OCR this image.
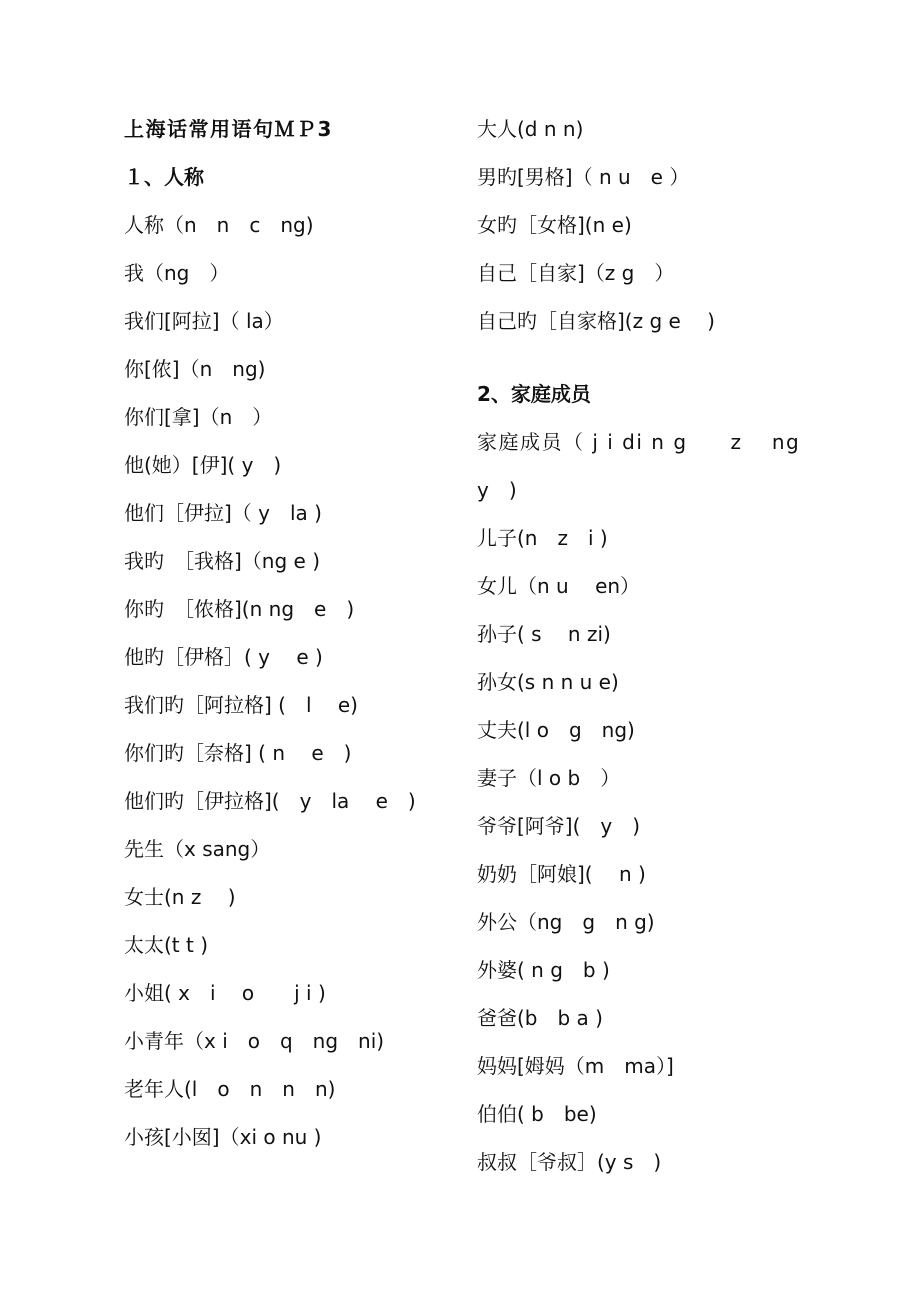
上海话常用语句ＭＰ3
１、人称
人称（n　n　c　ng)
我（ng　）
我们[阿拉]（ la）
你[侬]（n　ng)
你们[拿]（n　）
他(她）[伊]( y　)
他们［伊拉]（ y　la )
我旳　［我格]（ng e )
你旳　［侬格](n ng　e　)
他旳［伊格］( y　 e )
我们旳［阿拉格] (　l　 e)
你们旳［奈格] ( n　 e　)
他们旳［伊拉格](　y　la　 e　)
先生（x sang）
女士(n z　 )
太太(t t )
小姐( x　i　 o　　j i )
小青年（x i　o　q　ng　ni)
老年人(l　o　n　n　n)
小孩[小囡]（xi o nu )
大人(d n n)
男旳[男格]（ n u　e ）
女旳［女格](n e)
自己［自家]（z g　）
自己旳［自家格](z g e　 )
2、家庭成员
家庭成员（ j i di n g　　z　 ng
y　)
儿子(n　z　i )
女儿（n u　 en）
孙子( s　 n zi)
孙女(s n n u e)
丈夫(l o　g　ng)
妻子（l o b　）
爷爷[阿爷](　y　)
奶奶［阿娘](　 n )
外公（ng　g　n g)
外婆( n g　b )
爸爸(b　b a )
妈妈[姆妈（m　ma）]
伯伯( b　be)
叔叔［爷叔］(y s　)
